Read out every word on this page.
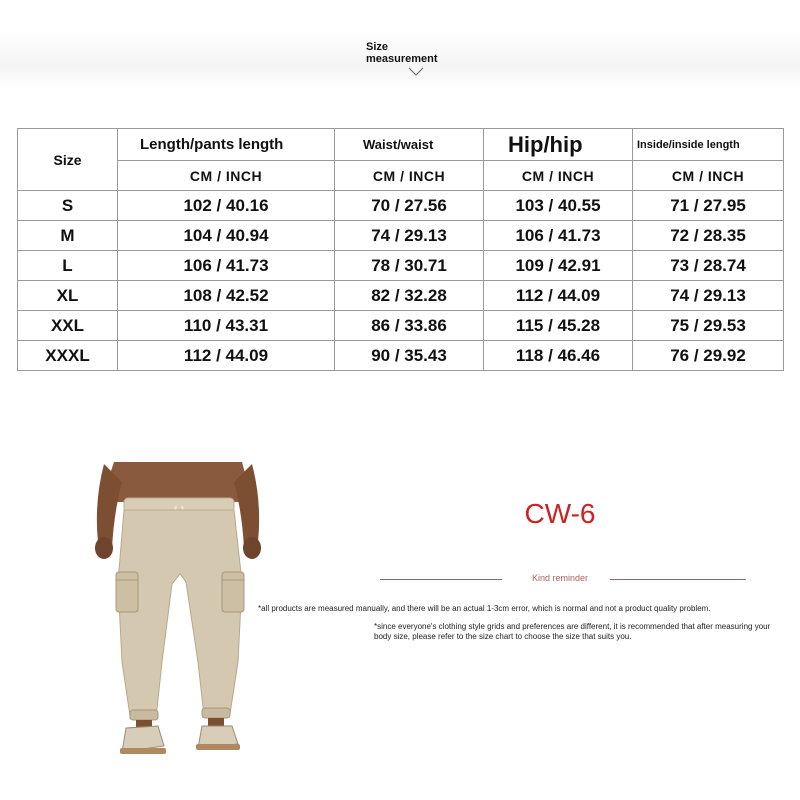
Size
measurement
Size	Length/pants length	Waist/waist	Hip/hip	Inside/inside length
	CM / INCH	CM / INCH	CM / INCH	CM / INCH
S	102 / 40.16	70 / 27.56	103 / 40.55	71 / 27.95
M	104 / 40.94	74 / 29.13	106 / 41.73	72 / 28.35
L	106 / 41.73	78 / 30.71	109 / 42.91	73 / 28.74
XL	108 / 42.52	82 / 32.28	112 / 44.09	74 / 29.13
XXL	110 / 43.31	86 / 33.86	115 / 45.28	75 / 29.53
XXXL	112 / 44.09	90 / 35.43	118 / 46.46	76 / 29.92
CW-6
Kind reminder
*all products are measured manually, and there will be an actual 1-3cm error, which is normal and not a product quality problem.
*since everyone's clothing style grids and preferences are different, it is recommended that after measuring your body size, please refer to the size chart to choose the size that suits you.
